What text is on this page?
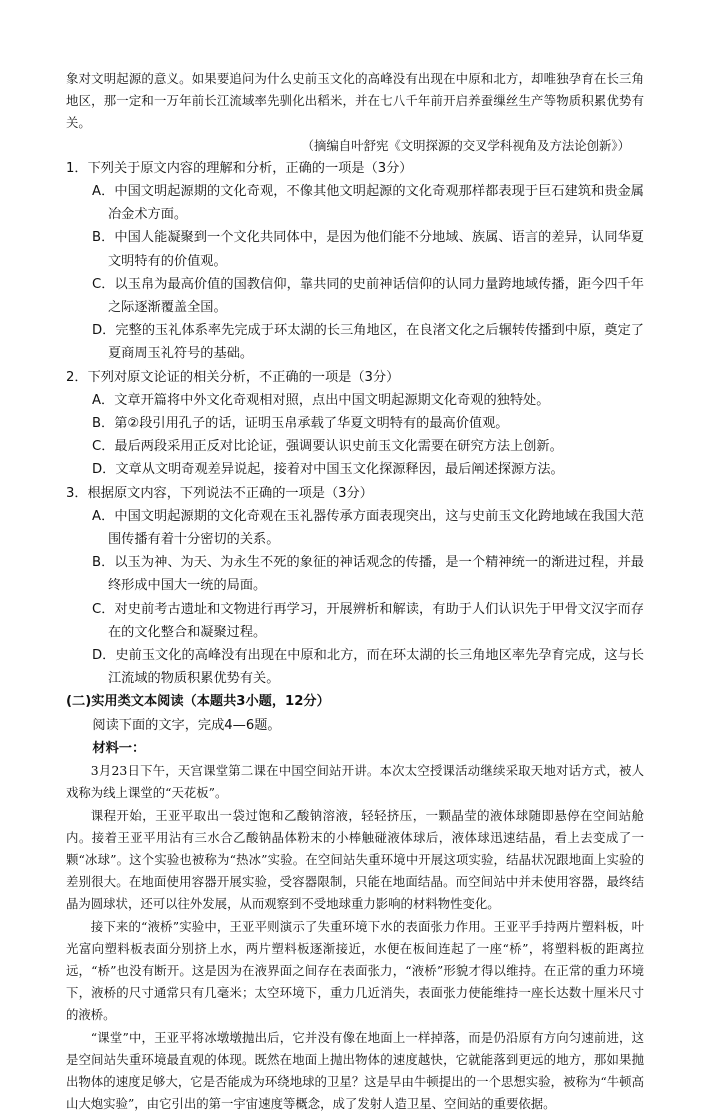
象对文明起源的意义。如果要追问为什么史前玉文化的高峰没有出现在中原和北方，却唯独孕育在长三角地区，那一定和一万年前长江流域率先驯化出稻米，并在七八千年前开启养蚕缫丝生产等物质积累优势有关。

（摘编自叶舒宪《文明探源的交叉学科视角及方法论创新》）

1．下列关于原文内容的理解和分析，正确的一项是（3分）

A．中国文明起源期的文化奇观，不像其他文明起源的文化奇观那样都表现于巨石建筑和贵金属冶金术方面。

B．中国人能凝聚到一个文化共同体中，是因为他们能不分地域、族属、语言的差异，认同华夏文明特有的价值观。

C．以玉帛为最高价值的国教信仰，靠共同的史前神话信仰的认同力量跨地域传播，距今四千年之际逐渐覆盖全国。

D．完整的玉礼体系率先完成于环太湖的长三角地区，在良渚文化之后辗转传播到中原，奠定了夏商周玉礼符号的基础。

2．下列对原文论证的相关分析，不正确的一项是（3分）

A．文章开篇将中外文化奇观相对照，点出中国文明起源期文化奇观的独特处。

B．第②段引用孔子的话，证明玉帛承载了华夏文明特有的最高价值观。

C．最后两段采用正反对比论证，强调要认识史前玉文化需要在研究方法上创新。

D．文章从文明奇观差异说起，接着对中国玉文化探源释因，最后阐述探源方法。

3．根据原文内容，下列说法不正确的一项是（3分）

A．中国文明起源期的文化奇观在玉礼器传承方面表现突出，这与史前玉文化跨地域在我国大范围传播有着十分密切的关系。

B．以玉为神、为天、为永生不死的象征的神话观念的传播，是一个精神统一的渐进过程，并最终形成中国大一统的局面。

C．对史前考古遗址和文物进行再学习，开展辨析和解读，有助于人们认识先于甲骨文汉字而存在的文化整合和凝聚过程。

D．史前玉文化的高峰没有出现在中原和北方，而在环太湖的长三角地区率先孕育完成，这与长江流域的物质积累优势有关。

(二)实用类文本阅读（本题共3小题，12分）

阅读下面的文字，完成4—6题。

材料一：

3月23日下午，天宫课堂第二课在中国空间站开讲。本次太空授课活动继续采取天地对话方式，被人戏称为线上课堂的“天花板”。

课程开始，王亚平取出一袋过饱和乙酸钠溶液，轻轻挤压，一颗晶莹的液体球随即悬停在空间站舱内。接着王亚平用沾有三水合乙酸钠晶体粉末的小棒触碰液体球后，液体球迅速结晶，看上去变成了一颗“冰球”。这个实验也被称为“热冰”实验。在空间站失重环境中开展这项实验，结晶状况跟地面上实验的差别很大。在地面使用容器开展实验，受容器限制，只能在地面结晶。而空间站中并未使用容器，最终结晶为圆球状，还可以往外发展，从而观察到不受地球重力影响的材料物性变化。

接下来的“液桥”实验中，王亚平则演示了失重环境下水的表面张力作用。王亚平手持两片塑料板，叶光富向塑料板表面分别挤上水，两片塑料板逐渐接近，水便在板间连起了一座“桥”，将塑料板的距离拉远，“桥”也没有断开。这是因为在液界面之间存在表面张力，“液桥”形貌才得以维持。在正常的重力环境下，液桥的尺寸通常只有几毫米；太空环境下，重力几近消失，表面张力使能维持一座长达数十厘米尺寸的液桥。

“课堂”中，王亚平将冰墩墩抛出后，它并没有像在地面上一样掉落，而是仍沿原有方向匀速前进，这是空间站失重环境最直观的体现。既然在地面上抛出物体的速度越快，它就能落到更远的地方，那如果抛出物体的速度足够大，它是否能成为环绕地球的卫星？这是早由牛顿提出的一个思想实验，被称为“牛顿高山大炮实验”，由它引出的第一宇宙速度等概念，成了发射人造卫星、空间站的重要依据。
